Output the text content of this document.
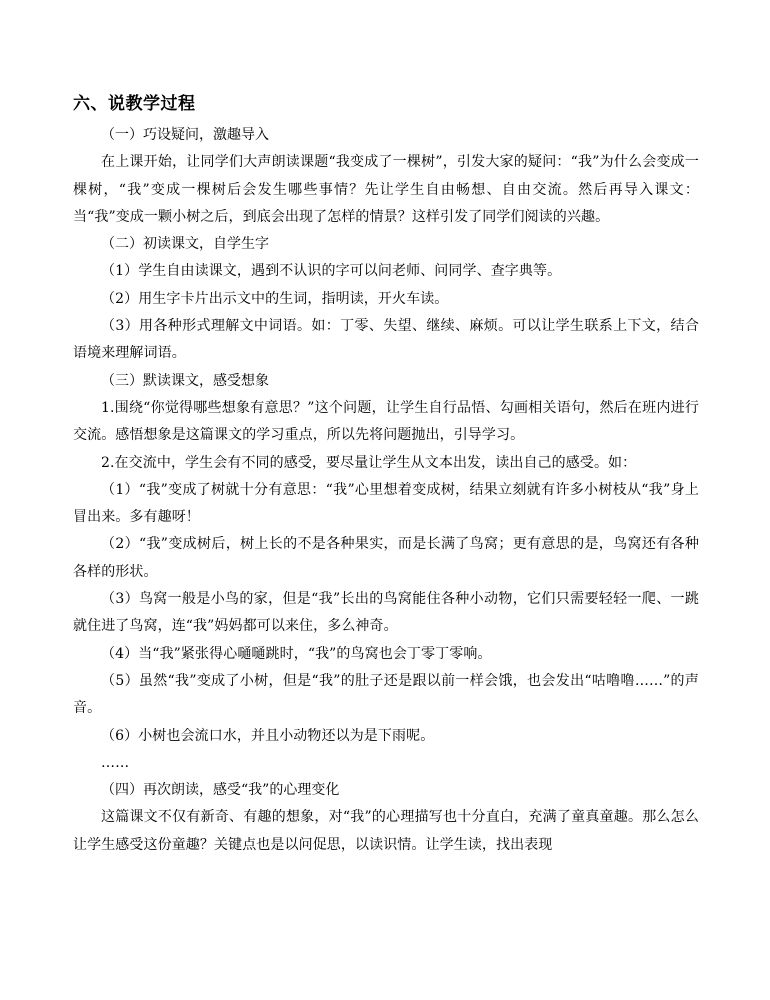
六、说教学过程

（一）巧设疑问，激趣导入

在上课开始，让同学们大声朗读课题“我变成了一棵树”，引发大家的疑问：“我”为什么会变成一棵树，“我”变成一棵树后会发生哪些事情？先让学生自由畅想、自由交流。然后再导入课文：当“我”变成一颗小树之后，到底会出现了怎样的情景？这样引发了同学们阅读的兴趣。

（二）初读课文，自学生字

（1）学生自由读课文，遇到不认识的字可以问老师、问同学、查字典等。

（2）用生字卡片出示文中的生词，指明读，开火车读。

（3）用各种形式理解文中词语。如：丁零、失望、继续、麻烦。可以让学生联系上下文，结合语境来理解词语。

（三）默读课文，感受想象

1.围绕“你觉得哪些想象有意思？”这个问题，让学生自行品悟、勾画相关语句，然后在班内进行交流。感悟想象是这篇课文的学习重点，所以先将问题抛出，引导学习。

2.在交流中，学生会有不同的感受，要尽量让学生从文本出发，读出自己的感受。如：

（1）“我”变成了树就十分有意思：“我”心里想着变成树，结果立刻就有许多小树枝从“我”身上冒出来。多有趣呀！

（2）“我”变成树后，树上长的不是各种果实，而是长满了鸟窝；更有意思的是，鸟窝还有各种各样的形状。

（3）鸟窝一般是小鸟的家，但是“我”长出的鸟窝能住各种小动物，它们只需要轻轻一爬、一跳就住进了鸟窝，连“我”妈妈都可以来住，多么神奇。

（4）当“我”紧张得心嗵嗵跳时，“我”的鸟窝也会丁零丁零响。

（5）虽然“我”变成了小树，但是“我”的肚子还是跟以前一样会饿，也会发出“咕噜噜……”的声音。

（6）小树也会流口水，并且小动物还以为是下雨呢。

……

（四）再次朗读，感受“我”的心理变化

这篇课文不仅有新奇、有趣的想象，对“我”的心理描写也十分直白，充满了童真童趣。那么怎么让学生感受这份童趣？关键点也是以问促思，以读识情。让学生读，找出表现
